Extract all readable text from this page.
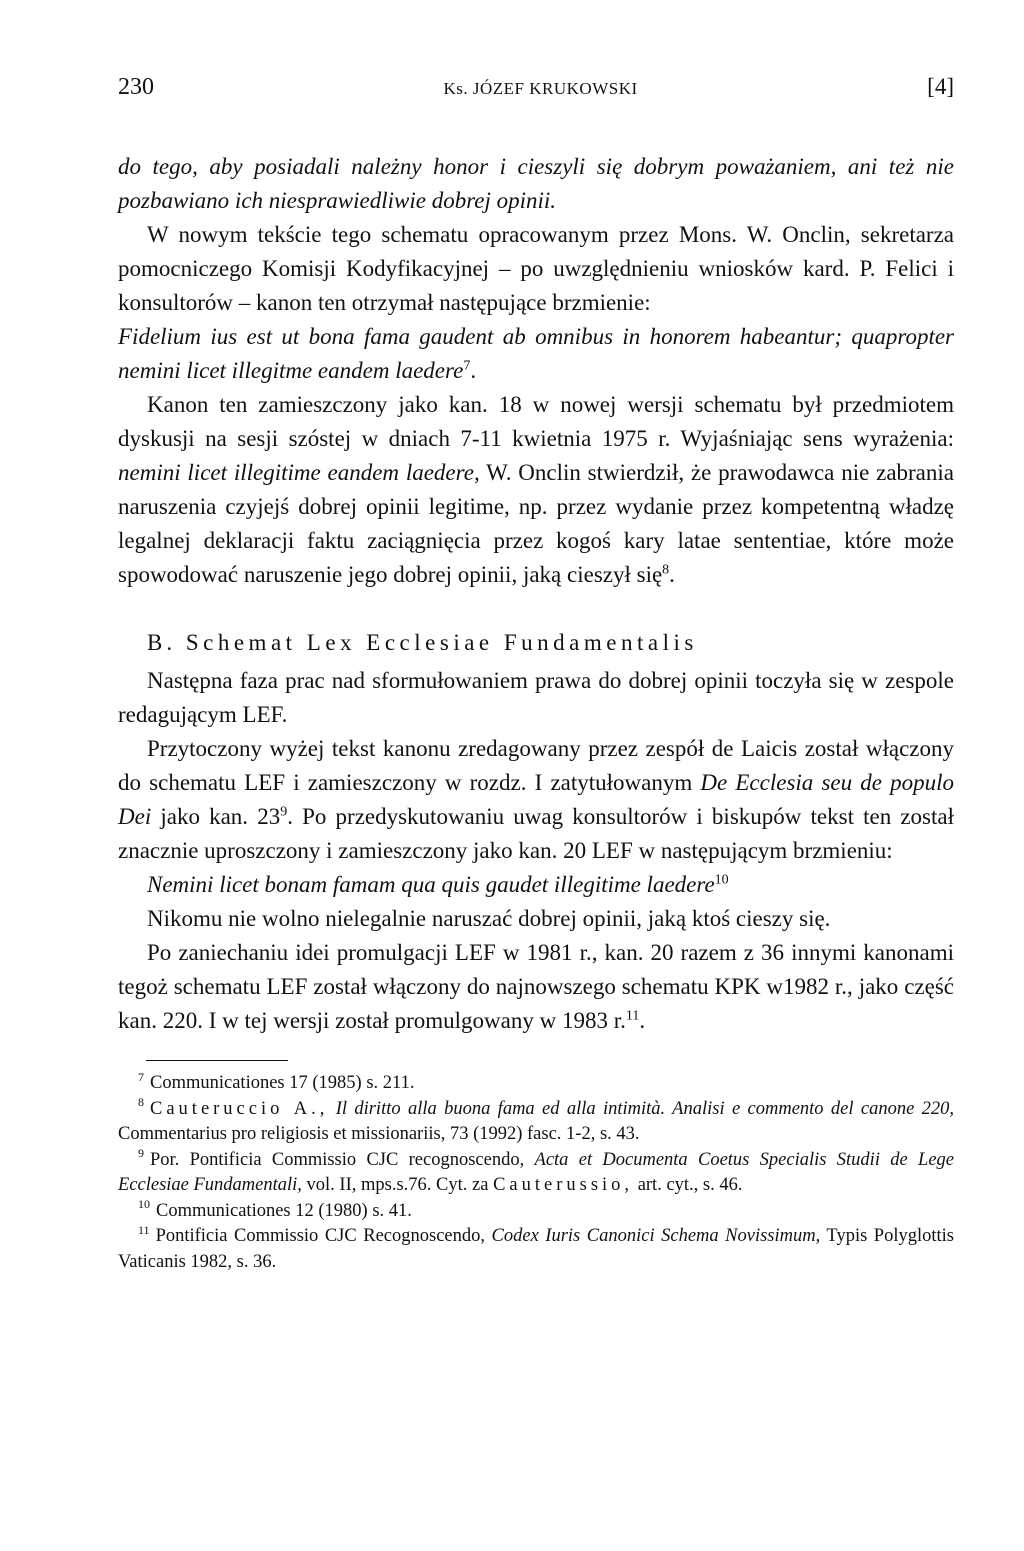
230	Ks. JÓZEF KRUKOWSKI	[4]

do tego, aby posiadali należny honor i cieszyli się dobrym poważaniem, ani też nie pozbawiano ich niesprawiedliwie dobrej opinii.

W nowym tekście tego schematu opracowanym przez Mons. W. Onclin, sekretarza pomocniczego Komisji Kodyfikacyjnej – po uwzględnieniu wniosków kard. P. Felici i konsultorów – kanon ten otrzymał następujące brzmienie:

Fidelium ius est ut bona fama gaudent ab omnibus in honorem habeantur; quapropter nemini licet illegitme eandem laedere$^7$.

Kanon ten zamieszczony jako kan. 18 w nowej wersji schematu był przedmiotem dyskusji na sesji szóstej w dniach 7-11 kwietnia 1975 r. Wyjaśniając sens wyrażenia: nemini licet illegitime eandem laedere, W. Onclin stwierdził, że prawodawca nie zabrania naruszenia czyjejś dobrej opinii legitime, np. przez wydanie przez kompetentną władzę legalnej deklaracji faktu zaciągnięcia przez kogoś kary latae sententiae, które może spowodować naruszenie jego dobrej opinii, jaką cieszył się$^8$.

B. Schemat Lex Ecclesiae Fundamentalis

Następna faza prac nad sformułowaniem prawa do dobrej opinii toczyła się w zespole redagującym LEF.

Przytoczony wyżej tekst kanonu zredagowany przez zespół de Laicis został włączony do schematu LEF i zamieszczony w rozdz. I zatytułowanym De Ecclesia seu de populo Dei jako kan. $23^9$. Po przedyskutowaniu uwag konsultorów i biskupów tekst ten został znacznie uproszczony i zamieszczony jako kan. 20 LEF w następującym brzmieniu:

Nemini licet bonam famam qua quis gaudet illegitime laedere$^{10}$

Nikomu nie wolno nielegalnie naruszać dobrej opinii, jaką ktoś cieszy się.

Po zaniechaniu idei promulgacji LEF w 1981 r., kan. 20 razem z 36 innymi kanonami tegoż schematu LEF został włączony do najnowszego schematu KPK w1982 r., jako część kan. 220. I w tej wersji został promulgowany w 1983 r.$^{11}$.

$^7$ Communicationes 17 (1985) s. 211.

$^8$ Cauteruccio A., Il diritto alla buona fama ed alla intimità. Analisi e commento del canone 220, Commentarius pro religiosis et missionariis, 73 (1992) fasc. 1-2, s. 43.

$^9$ Por. Pontificia Commissio CJC recognoscendo, Acta et Documenta Coetus Specialis Studii de Lege Ecclesiae Fundamentali, vol. II, mps.s.76. Cyt. za Cauterussio, art. cyt., s. 46.

$^{10}$ Communicationes 12 (1980) s. 41.

$^{11}$ Pontificia Commissio CJC Recognoscendo, Codex Iuris Canonici Schema Novissimum, Typis Polyglottis Vaticanis 1982, s. 36.
